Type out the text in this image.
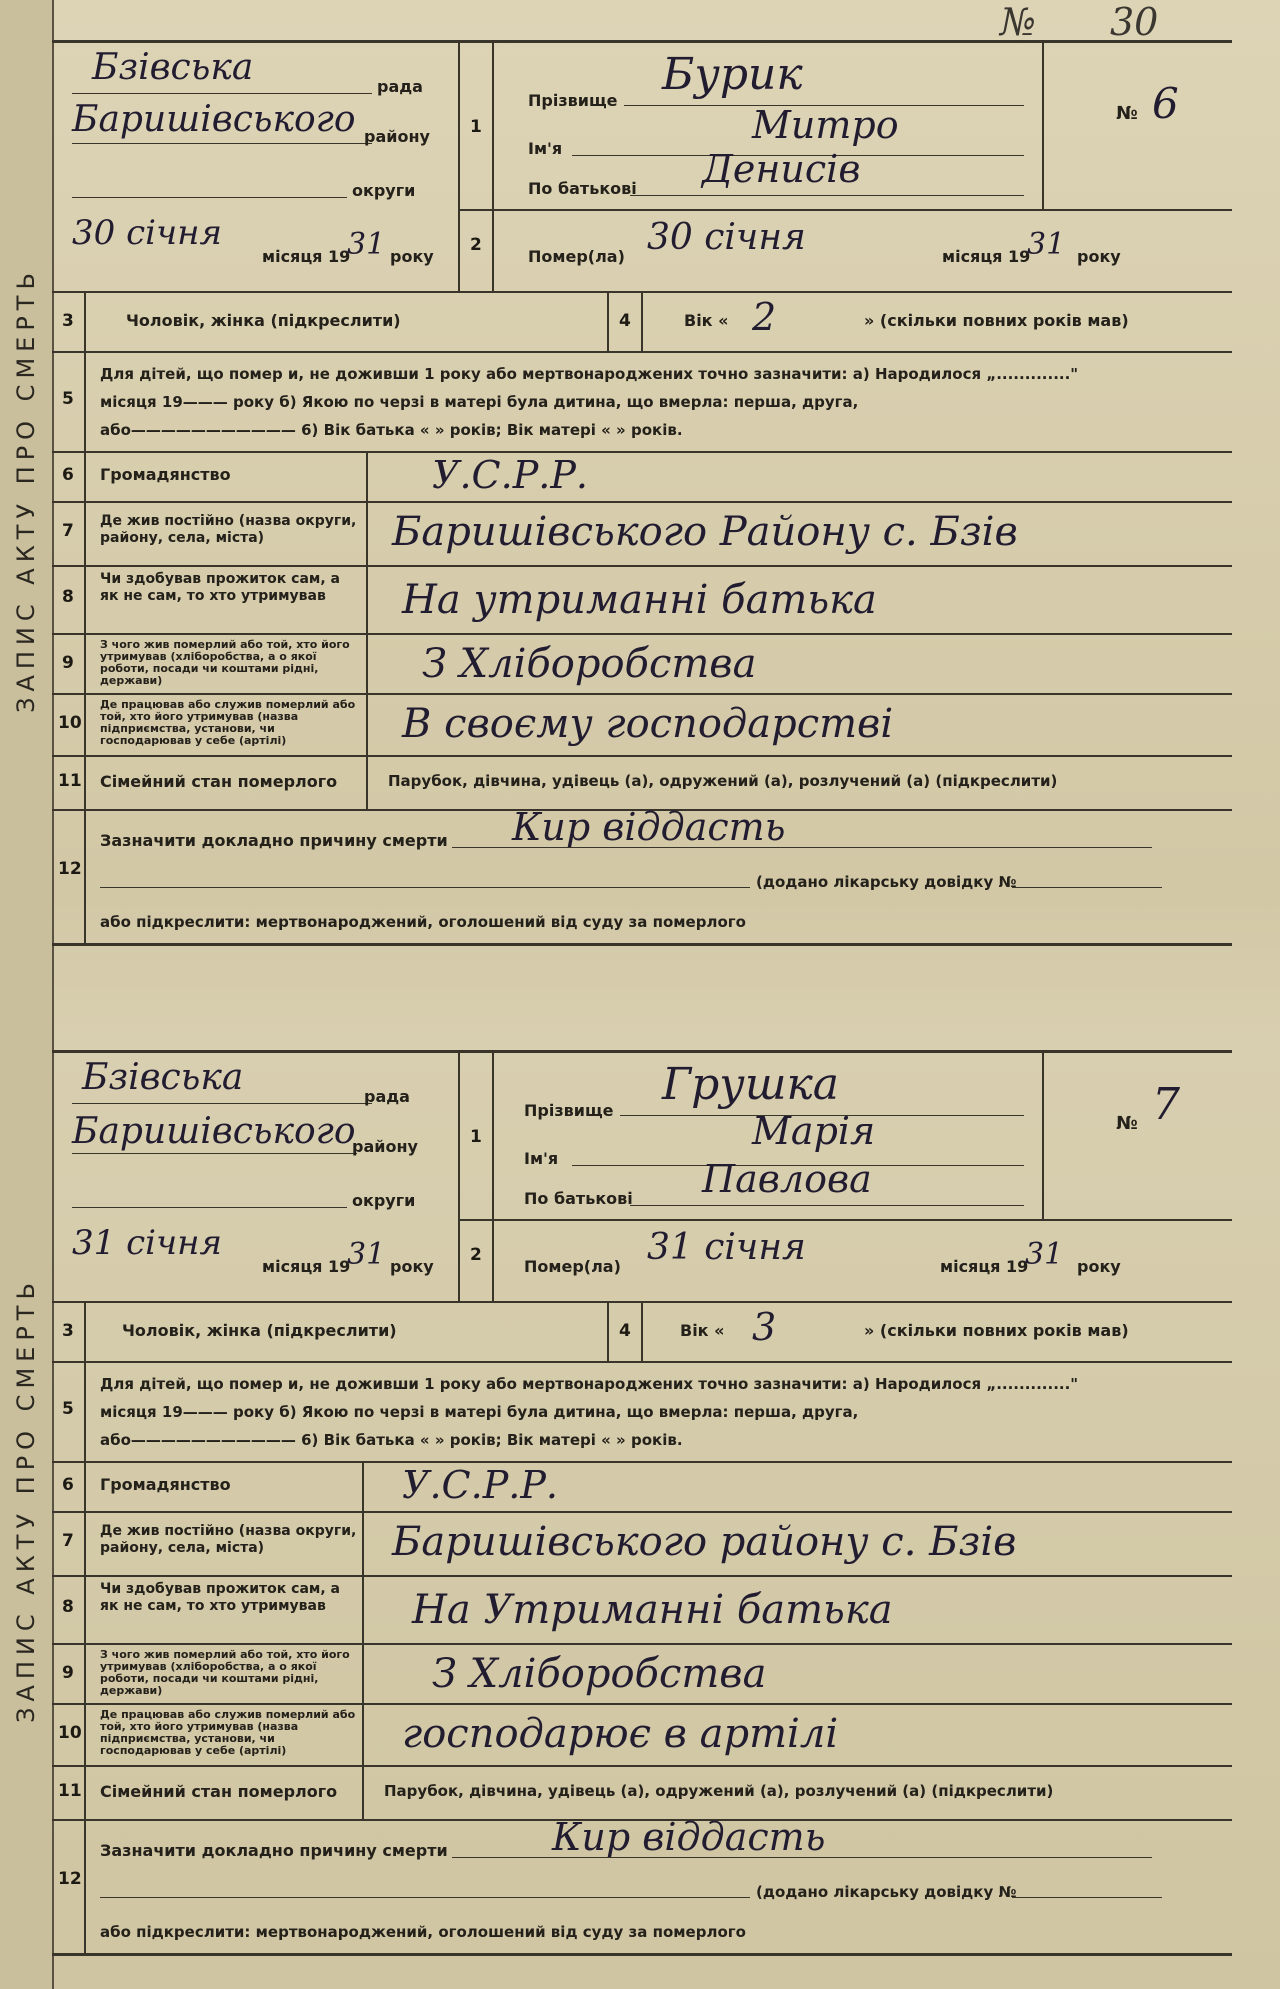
ЗАПИС АКТУ ПРО СМЕРТЬ
ЗАПИС АКТУ ПРО СМЕРТЬ
№ 30
Бзівська	рада
Баришівського району
округи
30 січня
місяця 19
31 року
1
2
Прізвище
Бурик
Ім'я
Митро
По батькові Денисів
№ 6
Помер(ла) 30 січня	місяця 19
31 року
3	Чоловік, жінка (підкреслити)	4	Вік « 2	» (скільки повних років мав)
5
Для дітей, що помер и, не доживши 1 року або мертвонароджених точно зазначити: а) Народилося „............."
місяця 19——— року б) Якою по черзі в матері була дитина, що вмерла: перша, друга,
або——————————— 6) Вік батька « » років; Вік матері « » років.
6 Громадянство	У.С.Р.Р.
7 Де жив постійно (назва округи, району, села, міста)	Баришівського Району с. Бзів
8
Чи здобував прожиток сам, а як не сам, то хто утримував	На утриманні батька
9
З чого жив померлий або той, хто його утримував (хліборобства, а о якої роботи, посади чи коштами рідні, держави)	З Хліборобства
10
Де працював або служив померлий або той, хто його утримував (назва підприємства, установи, чи господарював у себе (артілі)	В своєму господарстві
11 Сімейний стан померлого	Парубок, дівчина, удівець (а), одружений (а), розлучений (а) (підкреслити)
12
Зазначити докладно причину смерти Кир віддасть
(додано лікарську довідку №
або підкреслити: мертвонароджений, оголошений від суду за померлого
Бзівська	рада
Баришівського
району
округи
31 січня
місяця 19
31 року
1
2
Прізвище
Грушка
Ім'я
Марія
По батькові Павлова
№ 7
Помер(ла) 31 січня	місяця 19
31 року
3	Чоловік, жінка (підкреслити)	4	Вік « 3	» (скільки повних років мав)
5
Для дітей, що помер и, не доживши 1 року або мертвонароджених точно зазначити: а) Народилося „............."
місяця 19——— року б) Якою по черзі в матері була дитина, що вмерла: перша, друга,
або——————————— 6) Вік батька « » років; Вік матері « » років.
6 Громадянство	У.С.Р.Р.
7 Де жив постійно (назва округи, району, села, міста)	Баришівського району с. Бзів
8
Чи здобував прожиток сам, а як не сам, то хто утримував	На Утриманні батька
9
З чого жив померлий або той, хто його утримував (хліборобства, а о якої роботи, посади чи коштами рідні, держави)	З Хліборобства
10
Де працював або служив померлий або той, хто його утримував (назва підприємства, установи, чи господарював у себе (артілі)	господарює в артілі
11 Сімейний стан померлого	Парубок, дівчина, удівець (а), одружений (а), розлучений (а) (підкреслити)
12
Зазначити докладно причину смерти	Кир віддасть
(додано лікарську довідку №
або підкреслити: мертвонароджений, оголошений від суду за померлого
